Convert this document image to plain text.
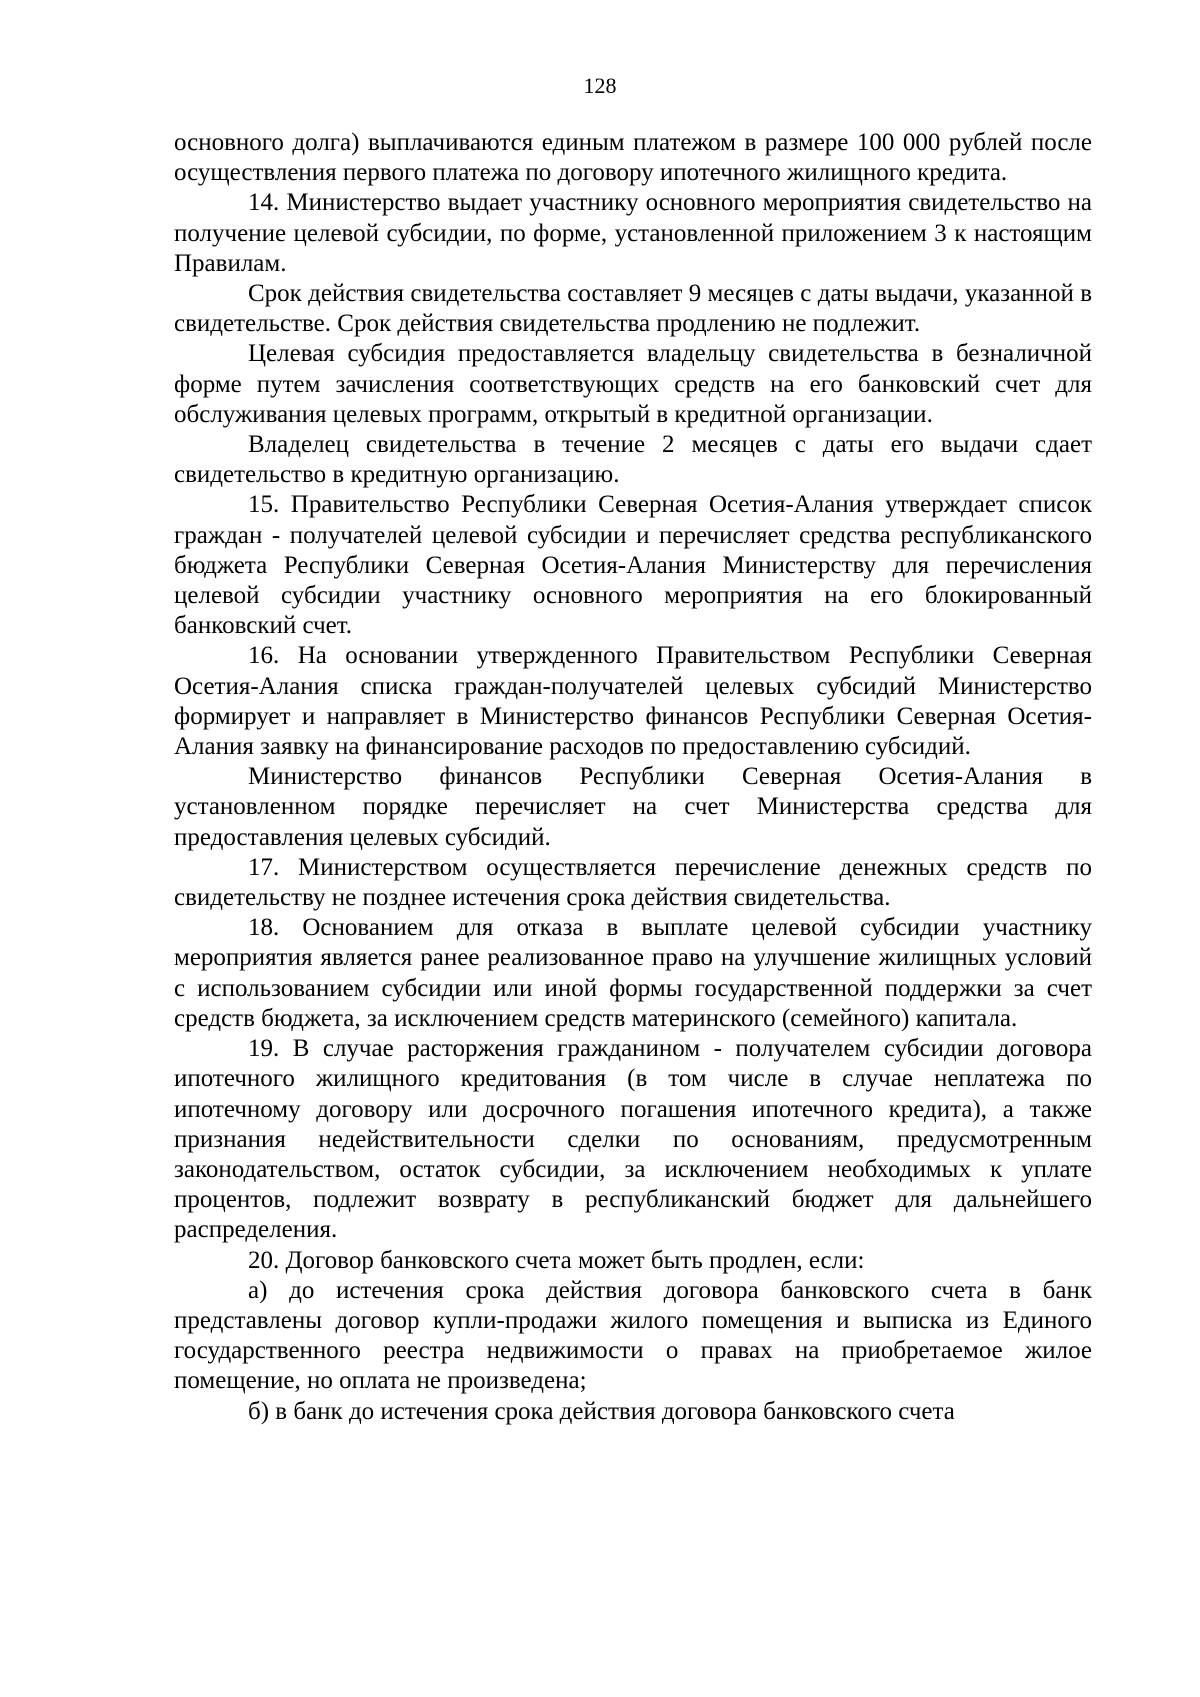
128

основного долга) выплачиваются единым платежом в размере 100 000 рублей после осуществления первого платежа по договору ипотечного жилищного кредита.

14. Министерство выдает участнику основного мероприятия свидетельство на получение целевой субсидии, по форме, установленной приложением 3 к настоящим Правилам.

Срок действия свидетельства составляет 9 месяцев с даты выдачи, указанной в свидетельстве. Срок действия свидетельства продлению не подлежит.

Целевая субсидия предоставляется владельцу свидетельства в безналичной форме путем зачисления соответствующих средств на его банковский счет для обслуживания целевых программ, открытый в кредитной организации.

Владелец свидетельства в течение 2 месяцев с даты его выдачи сдает свидетельство в кредитную организацию.

15. Правительство Республики Северная Осетия-Алания утверждает список граждан - получателей целевой субсидии и перечисляет средства республиканского бюджета Республики Северная Осетия-Алания Министерству для перечисления целевой субсидии участнику основного мероприятия на его блокированный банковский счет.

16. На основании утвержденного Правительством Республики Северная Осетия-Алания списка граждан-получателей целевых субсидий Министерство формирует и направляет в Министерство финансов Республики Северная Осетия-Алания заявку на финансирование расходов по предоставлению субсидий.

Министерство финансов Республики Северная Осетия-Алания в установленном порядке перечисляет на счет Министерства средства для предоставления целевых субсидий.

17. Министерством осуществляется перечисление денежных средств по свидетельству не позднее истечения срока действия свидетельства.

18. Основанием для отказа в выплате целевой субсидии участнику мероприятия является ранее реализованное право на улучшение жилищных условий с использованием субсидии или иной формы государственной поддержки за счет средств бюджета, за исключением средств материнского (семейного) капитала.

19. В случае расторжения гражданином - получателем субсидии договора ипотечного жилищного кредитования (в том числе в случае неплатежа по ипотечному договору или досрочного погашения ипотечного кредита), а также признания недействительности сделки по основаниям, предусмотренным законодательством, остаток субсидии, за исключением необходимых к уплате процентов, подлежит возврату в республиканский бюджет для дальнейшего распределения.

20. Договор банковского счета может быть продлен, если:

а) до истечения срока действия договора банковского счета в банк представлены договор купли-продажи жилого помещения и выписка из Единого государственного реестра недвижимости о правах на приобретаемое жилое помещение, но оплата не произведена;

б) в банк до истечения срока действия договора банковского счета
